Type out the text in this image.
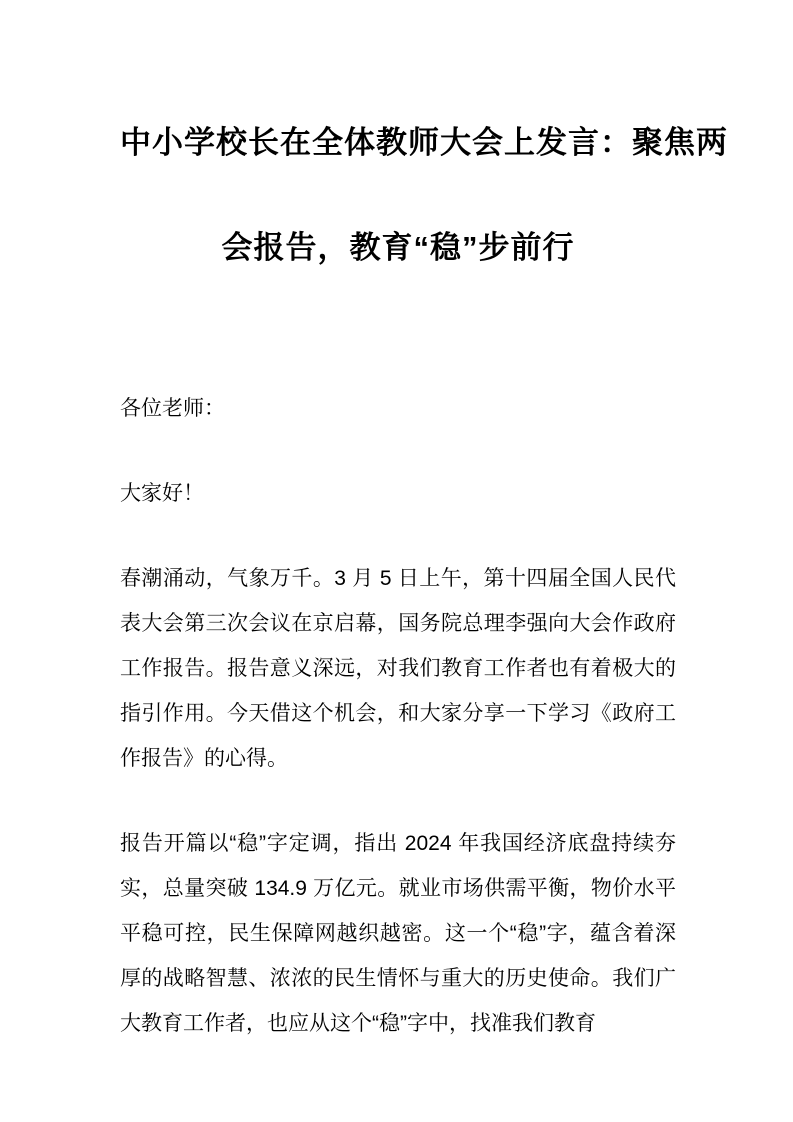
中小学校长在全体教师大会上发言：聚焦两
会报告，教育“稳”步前行

各位老师：

大家好！

春潮涌动，气象万千。3 月 5 日上午，第十四届全国人民代表大会第三次会议在京启幕，国务院总理李强向大会作政府工作报告。报告意义深远，对我们教育工作者也有着极大的指引作用。今天借这个机会，和大家分享一下学习《政府工作报告》的心得。

报告开篇以“稳”字定调，指出 2024 年我国经济底盘持续夯实，总量突破 134.9 万亿元。就业市场供需平衡，物价水平平稳可控，民生保障网越织越密。这一个“稳”字，蕴含着深厚的战略智慧、浓浓的民生情怀与重大的历史使命。我们广大教育工作者，也应从这个“稳”字中，找准我们教育
